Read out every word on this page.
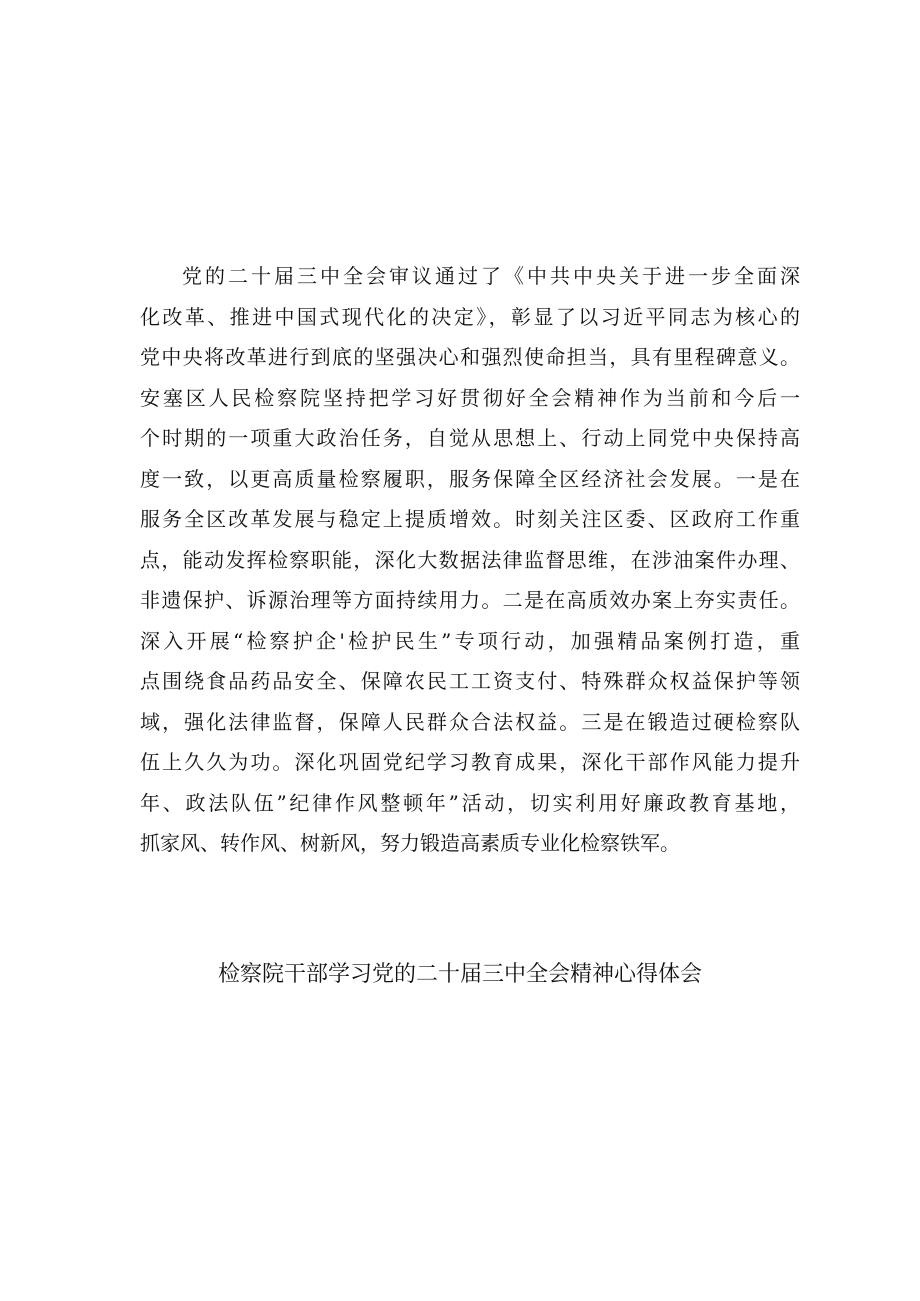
党的二十届三中全会审议通过了《中共中央关于进一步全面深
化改革、推进中国式现代化的决定》，彰显了以习近平同志为核心的
党中央将改革进行到底的坚强决心和强烈使命担当，具有里程碑意义。
安塞区人民检察院坚持把学习好贯彻好全会精神作为当前和今后一
个时期的一项重大政治任务，自觉从思想上、行动上同党中央保持高
度一致，以更高质量检察履职，服务保障全区经济社会发展。一是在
服务全区改革发展与稳定上提质增效。时刻关注区委、区政府工作重
点，能动发挥检察职能，深化大数据法律监督思维，在涉油案件办理、
非遗保护、诉源治理等方面持续用力。二是在高质效办案上夯实责任。
深入开展“检察护企'检护民生”专项行动，加强精品案例打造，重
点围绕食品药品安全、保障农民工工资支付、特殊群众权益保护等领
域，强化法律监督，保障人民群众合法权益。三是在锻造过硬检察队
伍上久久为功。深化巩固党纪学习教育成果，深化干部作风能力提升
年、政法队伍”纪律作风整顿年”活动，切实利用好廉政教育基地，
抓家风、转作风、树新风，努力锻造高素质专业化检察铁军。
检察院干部学习党的二十届三中全会精神心得体会
